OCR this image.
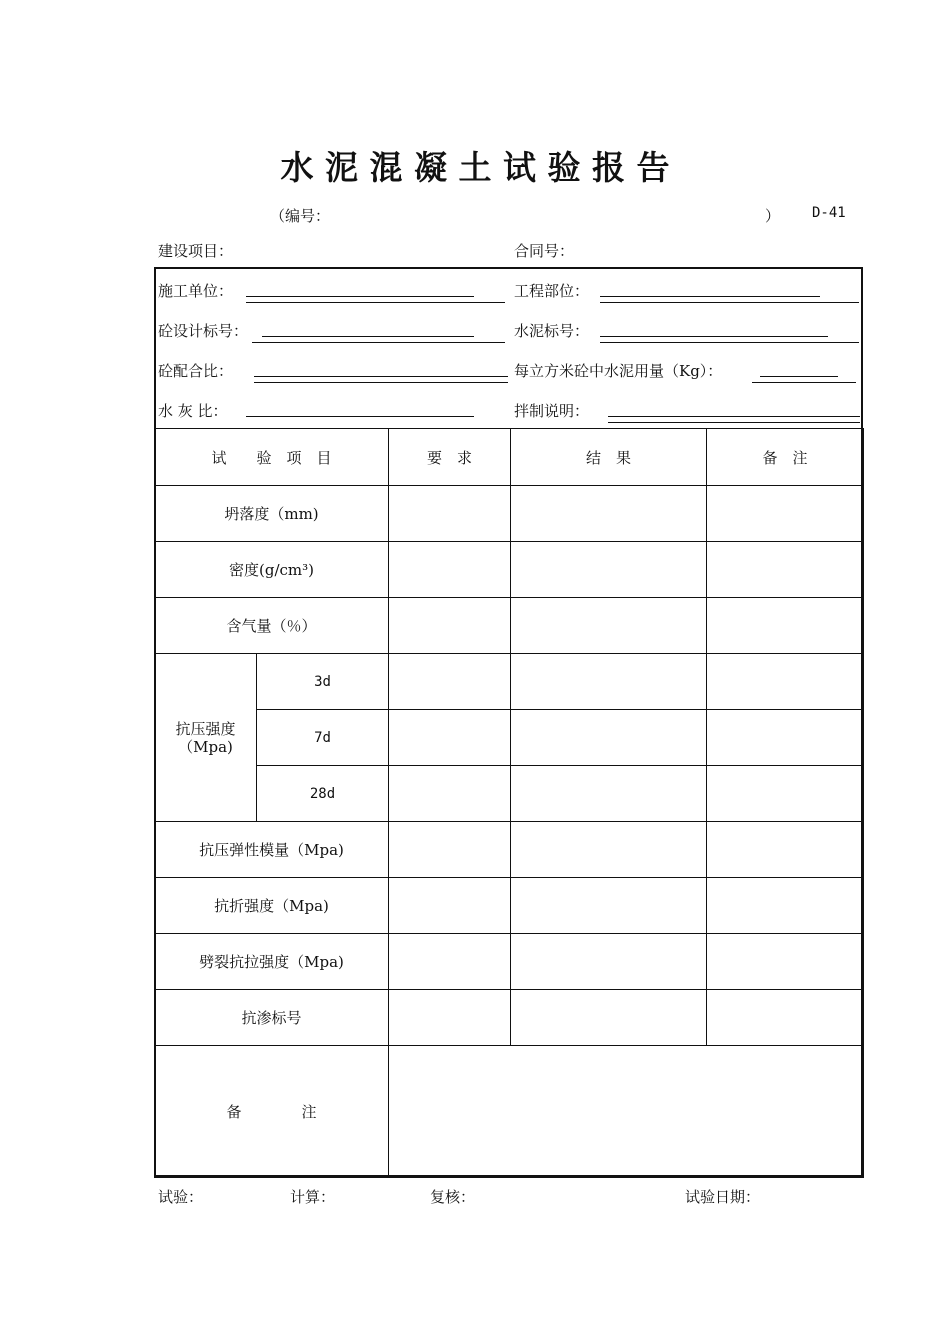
水 泥 混 凝 土 试 验 报 告
（编号：	） D-41
建设项目：	合同号：
施工单位：	工程部位：
砼设计标号：	水泥标号：
砼配合比：	每立方米砼中水泥用量（Kg）：
水 灰 比：	拌制说明：
试　　验　项　目		要　求	结　果	备　注
坍落度（mm)				
密度(g/cm³)				
含气量（％）				
抗压强度（Mpa)	3d			
	7d			
	28d			
抗压弹性模量（Mpa)				
抗折强度（Mpa)				
劈裂抗拉强度（Mpa)				
抗渗标号				
备　　　　注				
试验：	计算：	复核：	试验日期：
